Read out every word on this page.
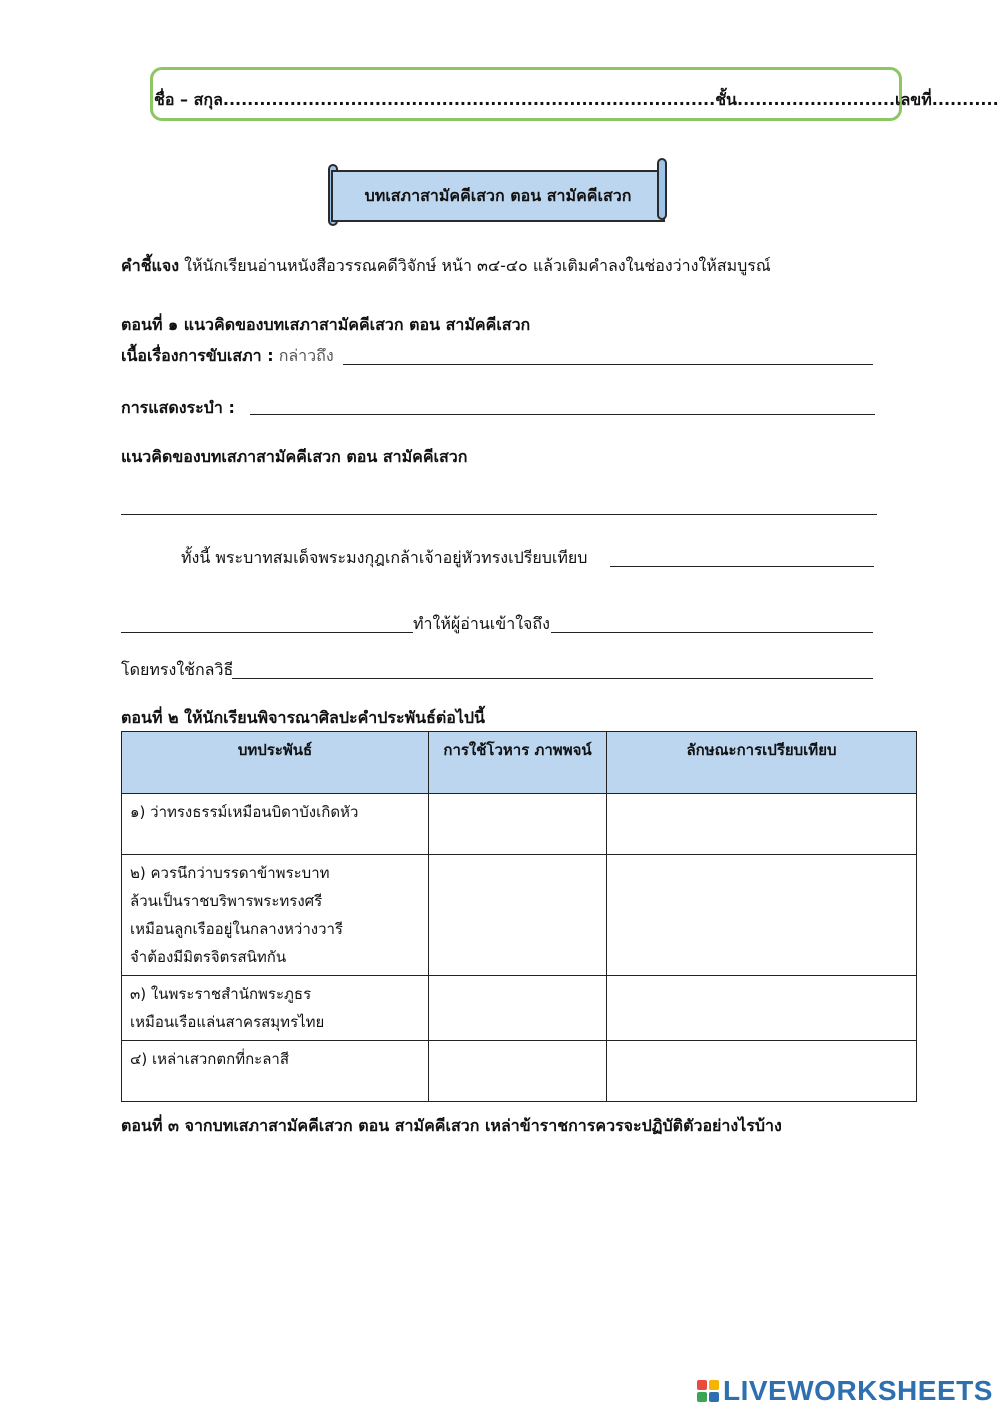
ชื่อ – สกุล.................................................................................ชั้น..........................เลขที่...........
บทเสภาสามัคคีเสวก ตอน สามัคคีเสวก
คำชี้แจง ให้นักเรียนอ่านหนังสือวรรณคดีวิจักษ์ หน้า ๓๔-๔๐ แล้วเติมคำลงในช่องว่างให้สมบูรณ์
ตอนที่ ๑ แนวคิดของบทเสภาสามัคคีเสวก ตอน สามัคคีเสวก
เนื้อเรื่องการขับเสภา : กล่าวถึง
การแสดงระบำ :
แนวคิดของบทเสภาสามัคคีเสวก ตอน สามัคคีเสวก
ทั้งนี้ พระบาทสมเด็จพระมงกุฎเกล้าเจ้าอยู่หัวทรงเปรียบเทียบ
ทำให้ผู้อ่านเข้าใจถึง
โดยทรงใช้กลวิธี
ตอนที่ ๒ ให้นักเรียนพิจารณาศิลปะคำประพันธ์ต่อไปนี้
บทประพันธ์	การใช้โวหาร ภาพพจน์	ลักษณะการเปรียบเทียบ

๑) ว่าทรงธรรม์เหมือนบิดาบังเกิดหัว		

๒) ควรนึกว่าบรรดาข้าพระบาท
ล้วนเป็นราชบริพารพระทรงศรี
เหมือนลูกเรืออยู่ในกลางหว่างวารี
จำต้องมีมิตรจิตรสนิทกัน		

๓) ในพระราชสำนักพระภูธร
เหมือนเรือแล่นสาครสมุทรไทย		

๔) เหล่าเสวกตกที่กะลาสี		

ตอนที่ ๓ จากบทเสภาสามัคคีเสวก ตอน สามัคคีเสวก เหล่าข้าราชการควรจะปฏิบัติตัวอย่างไรบ้าง
LIVEWORKSHEETS
